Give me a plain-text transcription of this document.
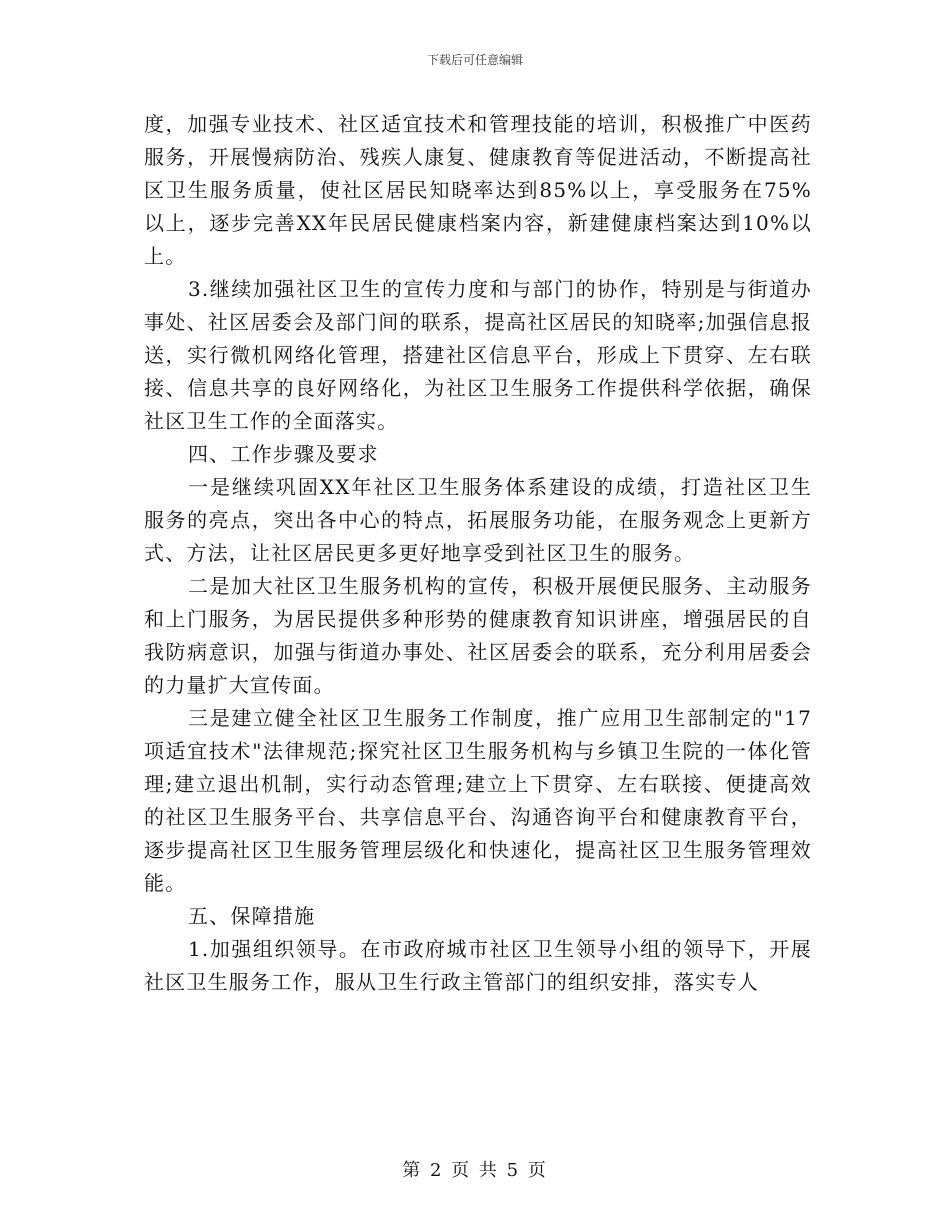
下载后可任意编辑

度，加强专业技术、社区适宜技术和管理技能的培训，积极推广中医药服务，开展慢病防治、残疾人康复、健康教育等促进活动，不断提高社区卫生服务质量，使社区居民知晓率达到85%以上，享受服务在75%以上，逐步完善XX年民居民健康档案内容，新建健康档案达到10%以上。

3.继续加强社区卫生的宣传力度和与部门的协作，特别是与街道办事处、社区居委会及部门间的联系，提高社区居民的知晓率;加强信息报送，实行微机网络化管理，搭建社区信息平台，形成上下贯穿、左右联接、信息共享的良好网络化，为社区卫生服务工作提供科学依据，确保社区卫生工作的全面落实。

四、工作步骤及要求

一是继续巩固XX年社区卫生服务体系建设的成绩，打造社区卫生服务的亮点，突出各中心的特点，拓展服务功能，在服务观念上更新方式、方法，让社区居民更多更好地享受到社区卫生的服务。

二是加大社区卫生服务机构的宣传，积极开展便民服务、主动服务和上门服务，为居民提供多种形势的健康教育知识讲座，增强居民的自我防病意识，加强与街道办事处、社区居委会的联系，充分利用居委会的力量扩大宣传面。

三是建立健全社区卫生服务工作制度，推广应用卫生部制定的"17项适宜技术"法律规范;探究社区卫生服务机构与乡镇卫生院的一体化管理;建立退出机制，实行动态管理;建立上下贯穿、左右联接、便捷高效的社区卫生服务平台、共享信息平台、沟通咨询平台和健康教育平台，逐步提高社区卫生服务管理层级化和快速化，提高社区卫生服务管理效能。

五、保障措施

1.加强组织领导。在市政府城市社区卫生领导小组的领导下，开展社区卫生服务工作，服从卫生行政主管部门的组织安排，落实专人

第 2 页 共 5 页
